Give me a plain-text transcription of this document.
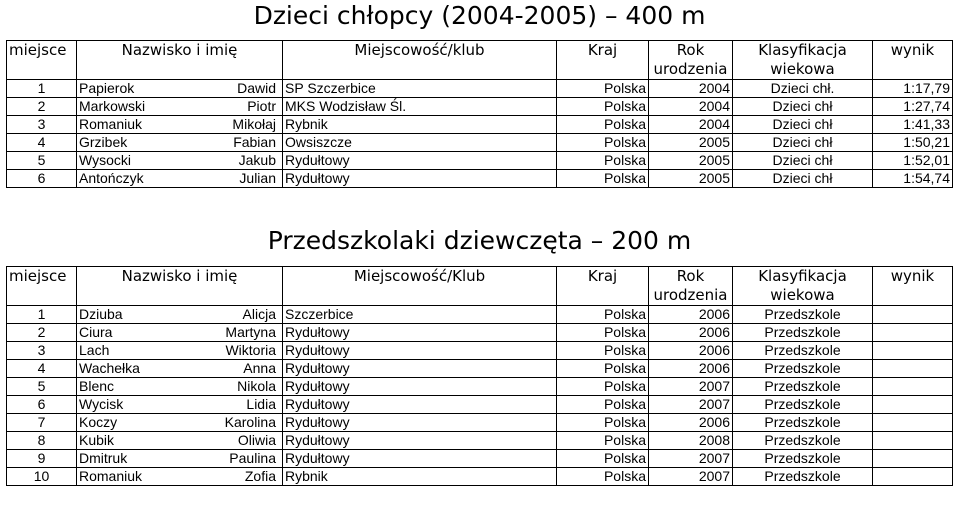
Dzieci chłopcy (2004-2005) – 400 m
miejsce	Nazwisko i imię	Miejscowość/klub	Kraj	Rok
urodzenia	Klasyfikacja
wiekowa	wynik
1	Papierok Dawid	SP Szczerbice	Polska	2004	Dzieci chł.	1:17,79
2	Markowski Piotr	MKS Wodzisław Śl.	Polska	2004	Dzieci chł	1:27,74
3	Romaniuk Mikołaj	Rybnik	Polska	2004	Dzieci chł	1:41,33
4	Grzibek Fabian	Owsiszcze	Polska	2005	Dzieci chł	1:50,21
5	Wysocki Jakub	Rydułtowy	Polska	2005	Dzieci chł	1:52,01
6	Antończyk Julian	Rydułtowy	Polska	2005	Dzieci chł	1:54,74
Przedszkolaki dziewczęta – 200 m
miejsce	Nazwisko i imię	Miejscowość/Klub	Kraj	Rok
urodzenia	Klasyfikacja
wiekowa	wynik
1	Dziuba Alicja	Szczerbice	Polska	2006	Przedszkole	
2	Ciura Martyna	Rydułtowy	Polska	2006	Przedszkole	
3	Lach Wiktoria	Rydułtowy	Polska	2006	Przedszkole	
4	Wachełka Anna	Rydułtowy	Polska	2006	Przedszkole	
5	Blenc Nikola	Rydułtowy	Polska	2007	Przedszkole	
6	Wycisk Lidia	Rydułtowy	Polska	2007	Przedszkole	
7	Koczy Karolina	Rydułtowy	Polska	2006	Przedszkole	
8	Kubik Oliwia	Rydułtowy	Polska	2008	Przedszkole	
9	Dmitruk Paulina	Rydułtowy	Polska	2007	Przedszkole	
10	Romaniuk Zofia	Rybnik	Polska	2007	Przedszkole	
